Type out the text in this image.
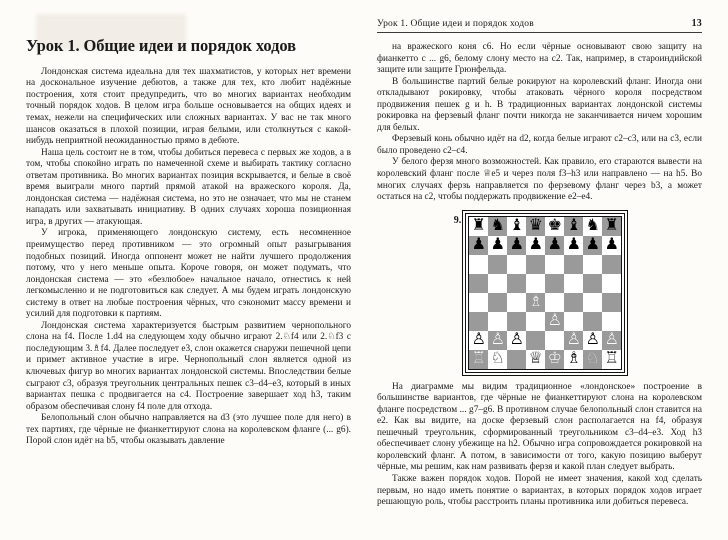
Урок 1. Общие идеи и порядок ходов

Лондонская система идеальна для тех шахматистов, у которых нет времени на доскональное изучение дебютов, а также для тех, кто любит надёжные построения, хотя стоит предупредить, что во многих вариантах необходим точный порядок ходов. В целом игра больше основывается на общих идеях и темах, нежели на специфических или сложных вариантах. У вас не так много шансов оказаться в плохой позиции, играя белыми, или столкнуться с какой-нибудь неприятной неожиданностью прямо в дебюте.

Наша цель состоит не в том, чтобы добиться перевеса с первых же ходов, а в том, чтобы спокойно играть по намеченной схеме и выбирать тактику согласно ответам противника. Во многих вариантах позиция вскрывается, и белые в своё время выиграли много партий прямой атакой на вражеского короля. Да, лондонская система — надёжная система, но это не означает, что мы не станем нападать или захватывать инициативу. В одних случаях хорошa позиционная игра, в других — атакующая.

У игрока, применяющего лондонскую систему, есть несомненное преимущество перед противником — это огромный опыт разыгрывания подобных позиций. Иногда оппонент может не найти лучшего продолжения потому, что у него меньше опыта. Короче говоря, он может подумать, что лондонская система — это «безлюбое» начальное начало, отнестись к ней легкомысленно и не подготовиться как следует. А мы будем играть лондонскую систему в ответ на любые построения чёрных, что сэкономит массу времени и усилий для подготовки к партиям.

Лондонская система характеризуется быстрым развитием чернопольного слона на f4. После 1.d4 на следующем ходу обычно играют 2.♘f4 или 2.♘f3 с последующим 3.♗f4. Далее последует е3, слон окажется снаружи пешечной цепи и примет активное участие в игре. Чернопольный слон является одной из ключевых фигур во многих вариантах лондонской системы. Впоследствии белые сыграют с3, образуя треугольник центральных пешек с3–d4–е3, который в иных вариантах пешка с продвигается на с4. Построение завершает ход h3, таким образом обеспечивая слону f4 поле для отхода.

Белопольный слон обычно направляется на d3 (это лучшее поле для него) в тех партиях, где чёрные не фианкеттируют слона на королевском фланге (... g6). Порой слон идёт на b5, чтобы оказывать давление

Урок 1. Общие идеи и порядок ходов	13

на вражеского коня c6. Но если чёрные основывают свою защиту на фианкетто с ... g6, белому слону место на c2. Так, например, в староиндийской защите или защите Грюнфельда.

В большинстве партий белые рокируют на королевский фланг. Иногда они откладывают рокировку, чтобы атаковать чёрного короля посредством продвижения пешек g и h. В традиционных вариантах лондонской системы рокировка на ферзевый фланг почти никогда не заканчивается ничем хорошим для белых.

Ферзевый конь обычно идёт на d2, когда белые играют c2–c3, или на c3, если было проведено c2–c4.

У белого ферзя много возможностей. Как правило, его стараются вывести на королевский фланг после ♕e5 и через поля f3–h3 или направлено — на h5. Во многих случаях ферзь направляется по ферзевому фланг через b3, а может остаться на c2, чтобы поддержать продвижение e2–e4.

9. ♜ ♞ ♝ ♛ ♚ ♝ ♞ ♜
♟ ♟ ♟ ♟ ♟ ♟ ♟ ♟
♗
♙
♙ ♙ ♙	♙ ♙ ♙
♖ ♘ ♕ ♔ ♗ ♘ ♖

На диаграмме мы видим традиционное «лондонское» построение в большинстве вариантов, где чёрные не фианкеттируют слона на королевском фланге посредством ... g7–g6. В противном случае белопольный слон ставится на e2. Как вы видите, на доске ферзевый слон располагается на f4, образуя пешечный треугольник, сформированный треугольником c3–d4–e3. Ход h3 обеспечивает слону убежище на h2. Обычно игра сопровождается рокировкой на королевский фланг. А потом, в зависимости от того, какую позицию выберут чёрные, мы решим, как нам развивать ферзя и какой план следует выбрать.

Также важен порядок ходов. Порой не имеет значения, какой ход сделать первым, но надо иметь понятие о вариантах, в которых порядок ходов играет решающую роль, чтобы расстроить планы противника или добиться перевеса.
